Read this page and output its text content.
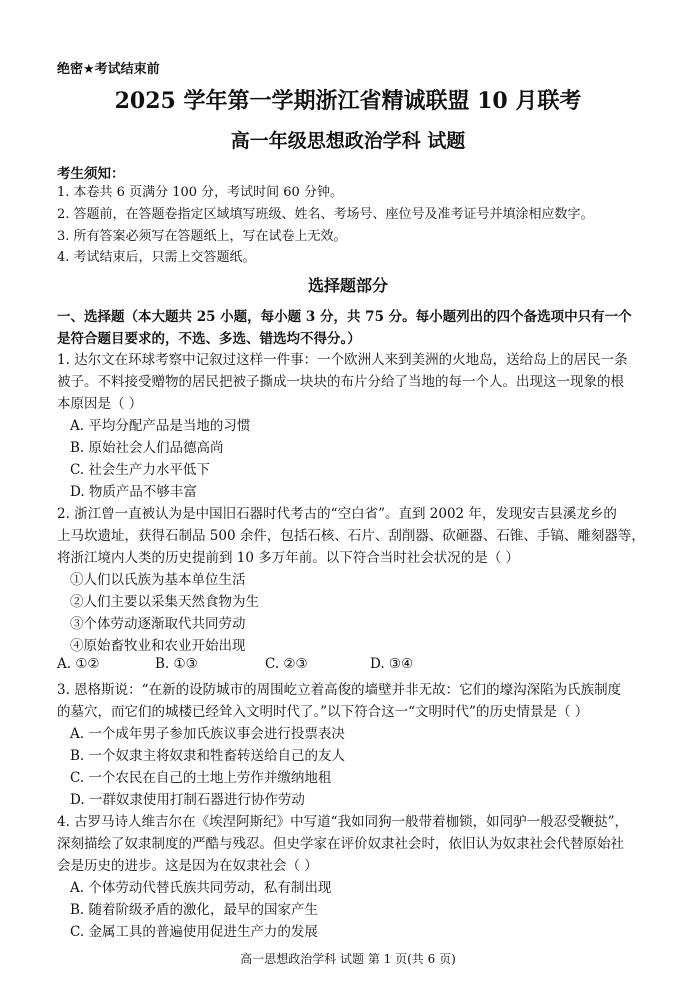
绝密★考试结束前
2025 学年第一学期浙江省精诚联盟 10 月联考
高一年级思想政治学科 试题
考生须知：
1. 本卷共 6 页满分 100 分，考试时间 60 分钟。
2. 答题前，在答题卷指定区域填写班级、姓名、考场号、座位号及准考证号并填涂相应数字。
3. 所有答案必须写在答题纸上，写在试卷上无效。
4. 考试结束后，只需上交答题纸。
选择题部分
一、选择题（本大题共 25 小题，每小题 3 分，共 75 分。每小题列出的四个备选项中只有一个
是符合题目要求的，不选、多选、错选均不得分。）
1. 达尔文在环球考察中记叙过这样一件事：一个欧洲人来到美洲的火地岛，送给岛上的居民一条
被子。不料接受赠物的居民把被子撕成一块块的布片分给了当地的每一个人。出现这一现象的根
本原因是（ ）
A. 平均分配产品是当地的习惯
B. 原始社会人们品德高尚
C. 社会生产力水平低下
D. 物质产品不够丰富
2. 浙江曾一直被认为是中国旧石器时代考古的“空白省”。直到 2002 年，发现安吉县溪龙乡的
上马坎遗址，获得石制品 500 余件，包括石核、石片、刮削器、砍砸器、石锥、手镐、雕刻器等，
将浙江境内人类的历史提前到 10 多万年前。以下符合当时社会状况的是（ ）
①人们以氏族为基本单位生活
②人们主要以采集天然食物为生
③个体劳动逐渐取代共同劳动
④原始畜牧业和农业开始出现
A. ①②	B. ①③	C. ②③	D. ③④
3. 恩格斯说：“在新的设防城市的周围屹立着高俊的墙壁并非无故：它们的壕沟深陷为氏族制度
的墓穴，而它们的城楼已经耸入文明时代了。”以下符合这一“文明时代”的历史情景是（ ）
A. 一个成年男子参加氏族议事会进行投票表决
B. 一个奴隶主将奴隶和牲畜转送给自己的友人
C. 一个农民在自己的土地上劳作并缴纳地租
D. 一群奴隶使用打制石器进行协作劳动
4. 古罗马诗人维吉尔在《埃涅阿斯纪》中写道“我如同狗一般带着枷锁，如同驴一般忍受鞭挞”，
深刻描绘了奴隶制度的严酷与残忍。但史学家在评价奴隶社会时，依旧认为奴隶社会代替原始社
会是历史的进步。这是因为在奴隶社会（ ）
A. 个体劳动代替氏族共同劳动，私有制出现
B. 随着阶级矛盾的激化，最早的国家产生
C. 金属工具的普遍使用促进生产力的发展
高一思想政治学科 试题 第 1 页(共 6 页)
